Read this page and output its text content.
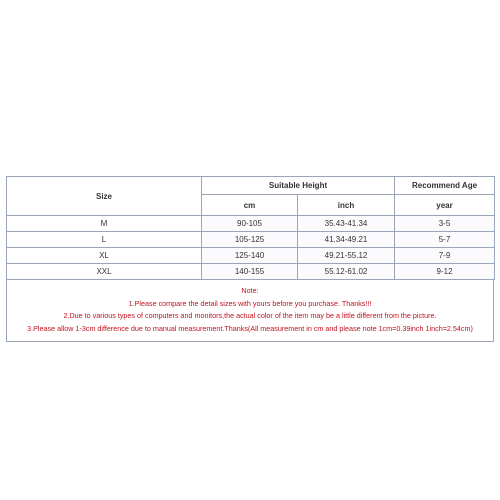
Size	Suitable Height		Recommend Age
	cm	inch	year
M	90-105	35.43-41.34	3-5
L	105-125	41.34-49.21	5-7
XL	125-140	49.21-55.12	7-9
XXL	140-155	55.12-61.02	9-12
Note:
1.Please compare the detail sizes with yours before you purchase. Thanks!!!
2.Due to various types of computers and monitors,the actual color of the item may be a little different from the picture.
3.Please allow 1-3cm difference due to manual measurement.Thanks(All measurement in cm and please note 1cm=0.39inch 1inch=2.54cm)
